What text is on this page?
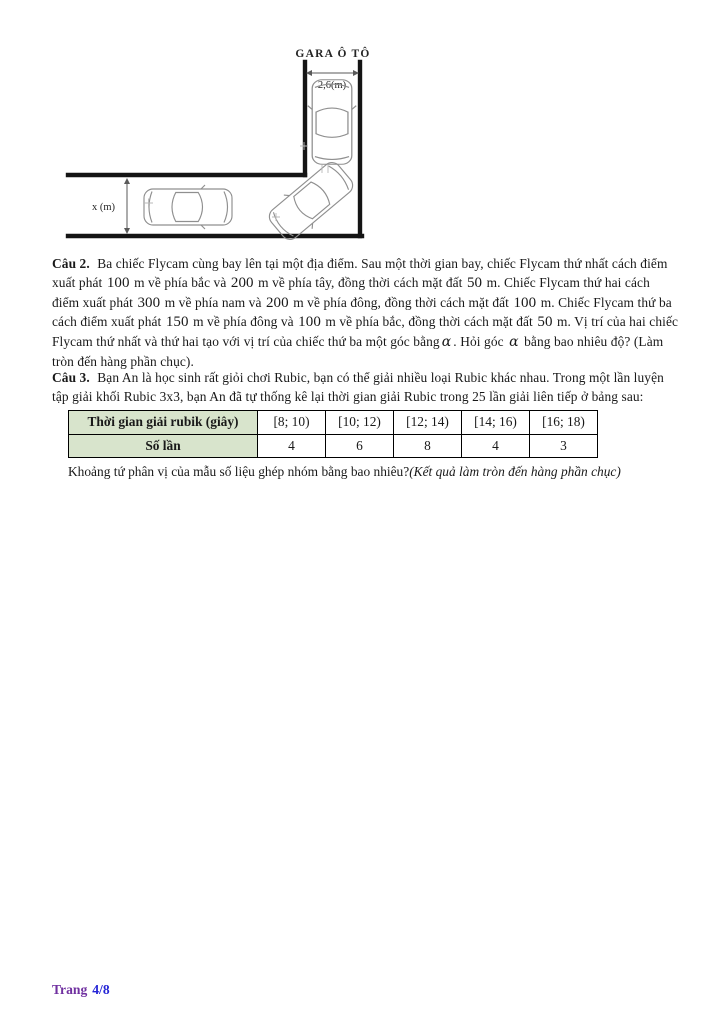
GARA Ô TÔ
2,6(m)
x (m)

Câu 2. Ba chiếc Flycam cùng bay lên tại một địa điểm. Sau một thời gian bay, chiếc Flycam thứ nhất cách điểm xuất phát 100 m về phía bắc và 200 m về phía tây, đồng thời cách mặt đất 50 m. Chiếc Flycam thứ hai cách điểm xuất phát 300 m về phía nam và 200 m về phía đông, đồng thời cách mặt đất 100 m. Chiếc Flycam thứ ba cách điểm xuất phát 150 m về phía đông và 100 m về phía bắc, đồng thời cách mặt đất 50 m. Vị trí của hai chiếc Flycam thứ nhất và thứ hai tạo với vị trí của chiếc thứ ba một góc bằng α . Hỏi góc α bằng bao nhiêu độ? (Làm tròn đến hàng phần chục).

Câu 3. Bạn An là học sinh rất giỏi chơi Rubic, bạn có thể giải nhiều loại Rubic khác nhau. Trong một lần luyện tập giải khối Rubic 3x3, bạn An đã tự thống kê lại thời gian giải Rubic trong 25 lần giải liên tiếp ở bảng sau:

Thời gian giải rubik (giây)	[8; 10)	[10; 12)	[12; 14)	[14; 16)	[16; 18)
Số lần	4	6	8	4	3

Khoảng tứ phân vị của mẫu số liệu ghép nhóm bằng bao nhiêu?(Kết quả làm tròn đến hàng phần chục)

Trang 4/8
